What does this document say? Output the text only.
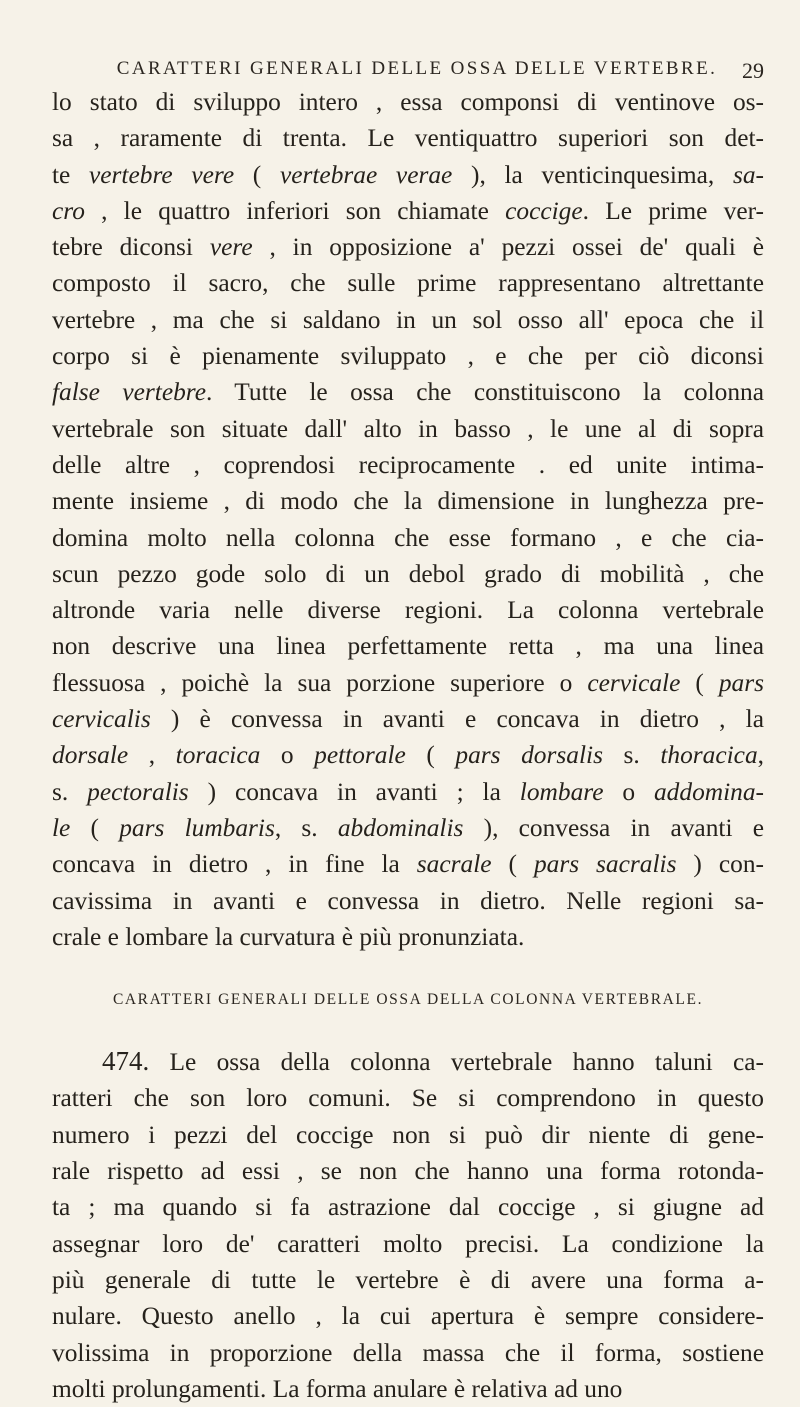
CARATTERI GENERALI DELLE OSSA DELLE VERTEBRE. 29
lo stato di sviluppo intero , essa componsi di ventinove os-
sa , raramente di trenta. Le ventiquattro superiori son det-
te vertebre vere ( vertebrae verae ), la venticinquesima, sa-
cro , le quattro inferiori son chiamate coccige. Le prime ver-
tebre diconsi vere , in opposizione a' pezzi ossei de' quali è
composto il sacro, che sulle prime rappresentano altrettante
vertebre , ma che si saldano in un sol osso all' epoca che il
corpo si è pienamente sviluppato , e che per ciò diconsi
false vertebre. Tutte le ossa che constituiscono la colonna
vertebrale son situate dall' alto in basso , le une al di sopra
delle altre , coprendosi reciprocamente . ed unite intima-
mente insieme , di modo che la dimensione in lunghezza pre-
domina molto nella colonna che esse formano , e che cia-
scun pezzo gode solo di un debol grado di mobilità , che
altronde varia nelle diverse regioni. La colonna vertebrale
non descrive una linea perfettamente retta , ma una linea
flessuosa , poichè la sua porzione superiore o cervicale ( pars
cervicalis ) è convessa in avanti e concava in dietro , la
dorsale , toracica o pettorale ( pars dorsalis s. thoracica,
s. pectoralis ) concava in avanti ; la lombare o addomina-
le ( pars lumbaris, s. abdominalis ), convessa in avanti e
concava in dietro , in fine la sacrale ( pars sacralis ) con-
cavissima in avanti e convessa in dietro. Nelle regioni sa-
crale e lombare la curvatura è più pronunziata.
CARATTERI GENERALI DELLE OSSA DELLA COLONNA VERTEBRALE.
474. Le ossa della colonna vertebrale hanno taluni ca-
ratteri che son loro comuni. Se si comprendono in questo
numero i pezzi del coccige non si può dir niente di gene-
rale rispetto ad essi , se non che hanno una forma rotonda-
ta ; ma quando si fa astrazione dal coccige , si giugne ad
assegnar loro de' caratteri molto precisi. La condizione la
più generale di tutte le vertebre è di avere una forma a-
nulare. Questo anello , la cui apertura è sempre considere-
volissima in proporzione della massa che il forma, sostiene
molti prolungamenti. La forma anulare è relativa ad uno
